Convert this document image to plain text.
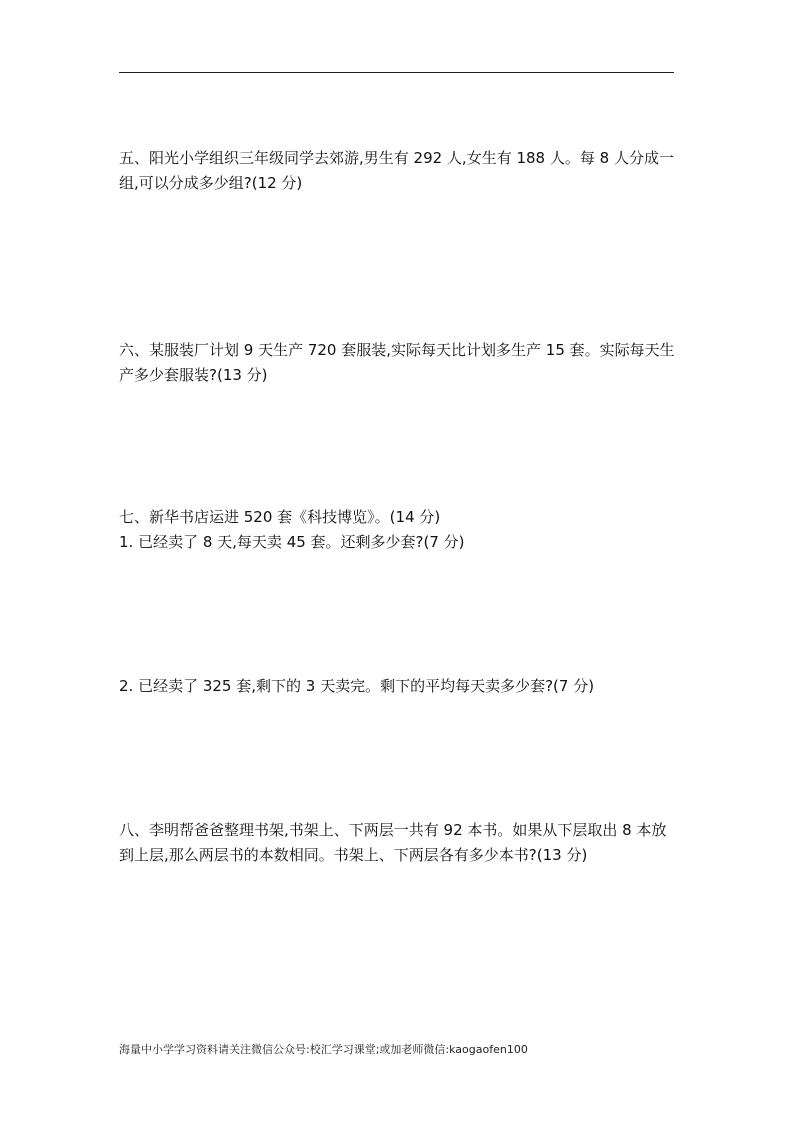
五、阳光小学组织三年级同学去郊游,男生有 292 人,女生有 188 人。每 8 人分成一组,可以分成多少组?(12 分)

六、某服装厂计划 9 天生产 720 套服装,实际每天比计划多生产 15 套。实际每天生产多少套服装?(13 分)

七、新华书店运进 520 套《科技博览》。(14 分)

1. 已经卖了 8 天,每天卖 45 套。还剩多少套?(7 分)

2. 已经卖了 325 套,剩下的 3 天卖完。剩下的平均每天卖多少套?(7 分)

八、李明帮爸爸整理书架,书架上、下两层一共有 92 本书。如果从下层取出 8 本放到上层,那么两层书的本数相同。书架上、下两层各有多少本书?(13 分)

海量中小学学习资料请关注微信公众号:校汇学习课堂;或加老师微信:kaogaofen100
